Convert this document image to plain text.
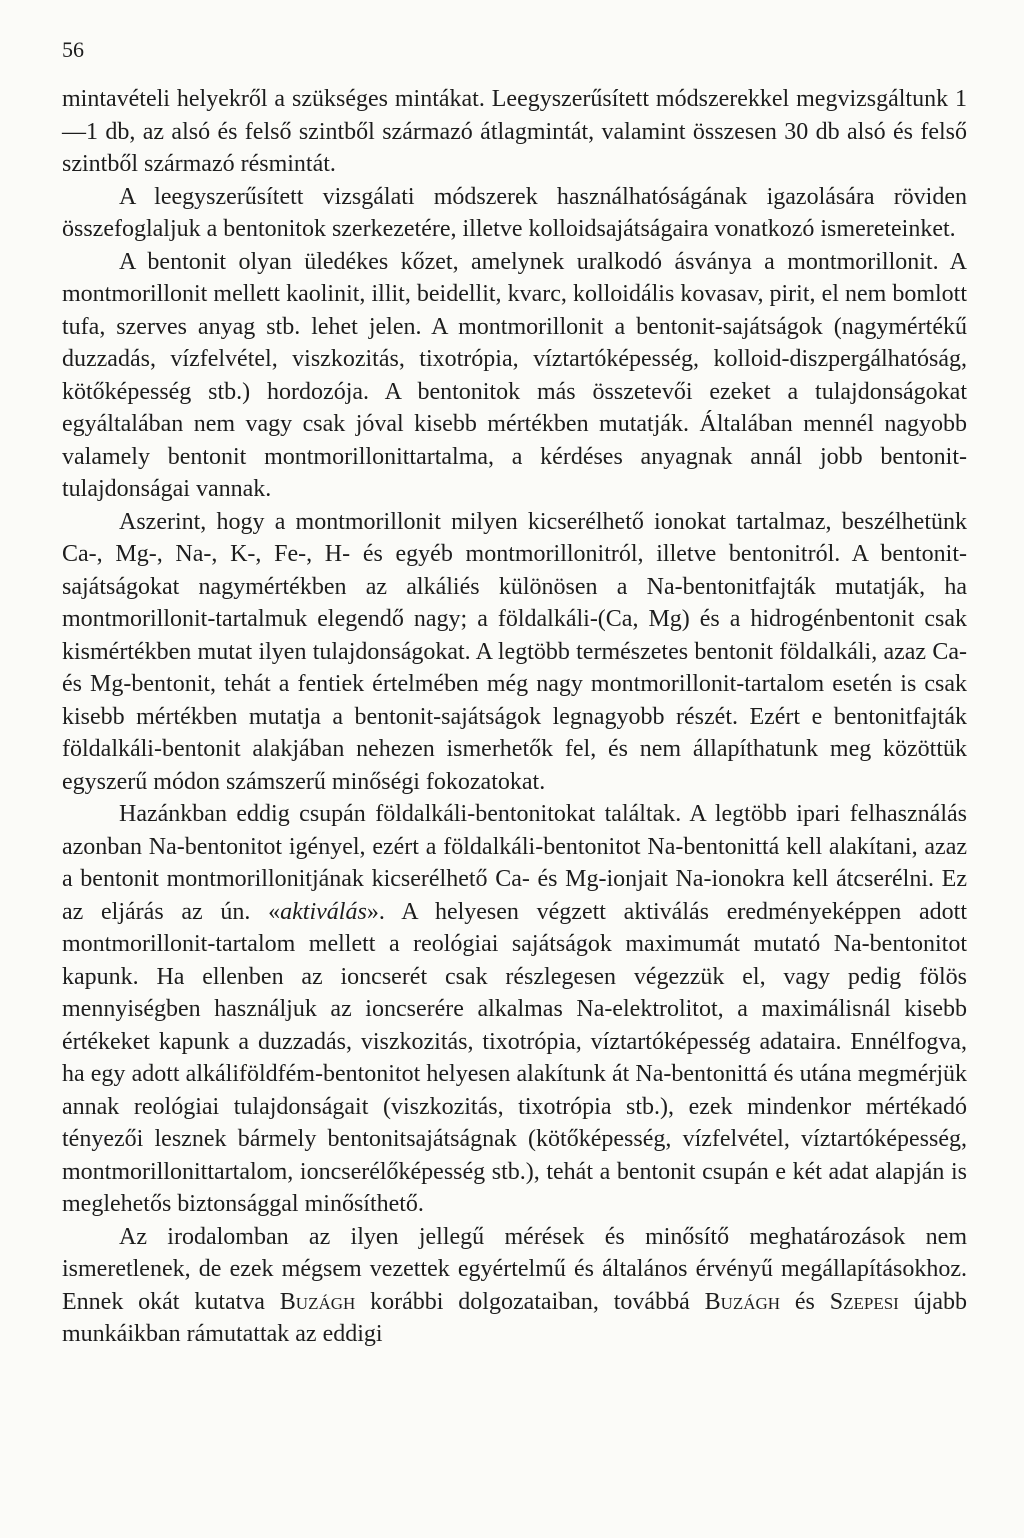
56

mintavételi helyekről a szükséges mintákat. Leegyszerűsített módszerekkel megvizsgáltunk 1—1 db, az alsó és felső szintből származó átlagmintát, valamint összesen 30 db alsó és felső szintből származó résmintát.

A leegyszerűsített vizsgálati módszerek használhatóságának igazolására röviden összefoglaljuk a bentonitok szerkezetére, illetve kolloidsajátságaira vonatkozó ismereteinket.

A bentonit olyan üledékes kőzet, amelynek uralkodó ásványa a montmorillonit. A montmorillonit mellett kaolinit, illit, beidellit, kvarc, kolloidális kovasav, pirit, el nem bomlott tufa, szerves anyag stb. lehet jelen. A montmorillonit a bentonit-sajátságok (nagymértékű duzzadás, vízfelvétel, viszkozitás, tixotrópia, víztartóképesség, kolloid-diszpergálhatóság, kötőképesség stb.) hordozója. A bentonitok más összetevői ezeket a tulajdonságokat egyáltalában nem vagy csak jóval kisebb mértékben mutatják. Általában mennél nagyobb valamely bentonit montmorillonittartalma, a kérdéses anyagnak annál jobb bentonit-tulajdonságai vannak.

Aszerint, hogy a montmorillonit milyen kicserélhető ionokat tartalmaz, beszélhetünk Ca-, Mg-, Na-, K-, Fe-, H- és egyéb montmorillonitról, illetve bentonitról. A bentonit-sajátságokat nagymértékben az alkáliés különösen a Na-bentonitfajták mutatják, ha montmorillonit-tartalmuk elegendő nagy; a földalkáli-(Ca, Mg) és a hidrogénbentonit csak kismértékben mutat ilyen tulajdonságokat. A legtöbb természetes bentonit földalkáli, azaz Ca- és Mg-bentonit, tehát a fentiek értelmében még nagy montmorillonit-tartalom esetén is csak kisebb mértékben mutatja a bentonit-sajátságok legnagyobb részét. Ezért e bentonitfajták földalkáli-bentonit alakjában nehezen ismerhetők fel, és nem állapíthatunk meg közöttük egyszerű módon számszerű minőségi fokozatokat.

Hazánkban eddig csupán földalkáli-bentonitokat találtak. A legtöbb ipari felhasználás azonban Na-bentonitot igényel, ezért a földalkáli-bentonitot Na-bentonittá kell alakítani, azaz a bentonit montmorillonitjának kicserélhető Ca- és Mg-ionjait Na-ionokra kell átcserélni. Ez az eljárás az ún. «aktiválás». A helyesen végzett aktiválás eredményeképpen adott montmorillonit-tartalom mellett a reológiai sajátságok maximumát mutató Na-bentonitot kapunk. Ha ellenben az ioncserét csak részlegesen végezzük el, vagy pedig fölös mennyiségben használjuk az ioncserére alkalmas Na-elektrolitot, a maximálisnál kisebb értékeket kapunk a duzzadás, viszkozitás, tixotrópia, víztartóképesség adataira. Ennélfogva, ha egy adott alkáliföldfém-bentonitot helyesen alakítunk át Na-bentonittá és utána megmérjük annak reológiai tulajdonságait (viszkozitás, tixotrópia stb.), ezek mindenkor mértékadó tényezői lesznek bármely bentonitsajátságnak (kötőképesség, vízfelvétel, víztartóképesség, montmorillonittartalom, ioncserélőképesség stb.), tehát a bentonit csupán e két adat alapján is meglehetős biztonsággal minősíthető.

Az irodalomban az ilyen jellegű mérések és minősítő meghatározások nem ismeretlenek, de ezek mégsem vezettek egyértelmű és általános érvényű megállapításokhoz. Ennek okát kutatva Buzágh korábbi dolgozataiban, továbbá Buzágh és Szepesi újabb munkáikban rámutattak az eddigi
